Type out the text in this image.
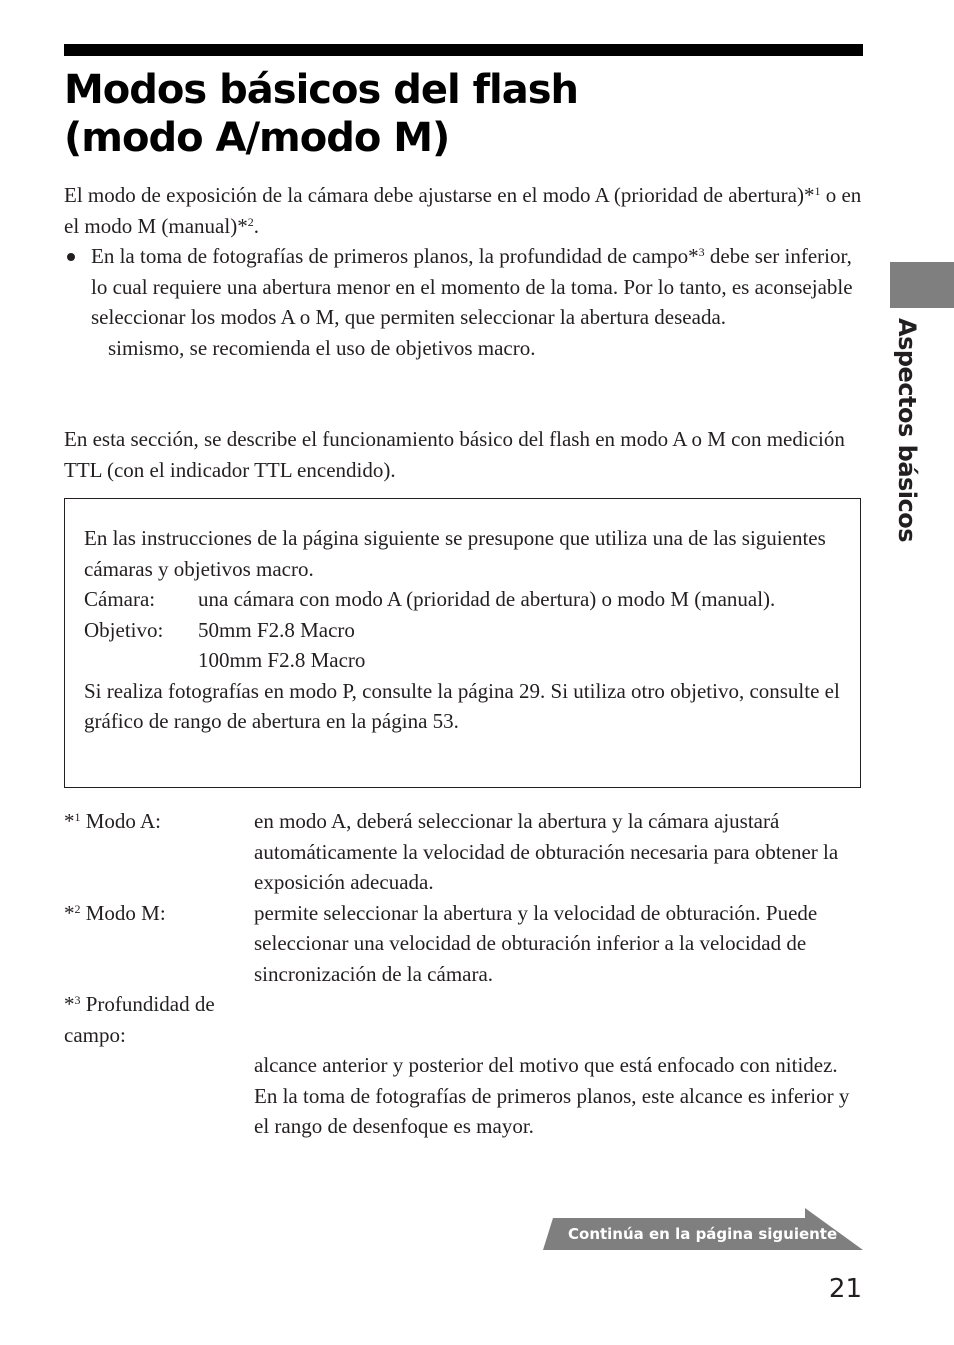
Modos básicos del flash
(modo A/modo M)

El modo de exposición de la cámara debe ajustarse en el modo A (prioridad de abertura)*$^1$ o en el modo M (manual)*$^2$.

En la toma de fotografías de primeros planos, la profundidad de campo*$^3$ debe ser inferior, lo cual requiere una abertura menor en el momento de la toma. Por lo tanto, es aconsejable seleccionar los modos A o M, que permiten seleccionar la abertura deseada.

simismo, se recomienda el uso de objetivos macro.

En esta sección, se describe el funcionamiento básico del flash en modo A o M con medición TTL (con el indicador TTL encendido).

En las instrucciones de la página siguiente se presupone que utiliza una de las siguientes cámaras y objetivos macro.

Cámara:	una cámara con modo A (prioridad de abertura) o modo M (manual).
Objetivo:	50mm F2.8 Macro
100mm F2.8 Macro

Si realiza fotografías en modo P, consulte la página 29. Si utiliza otro objetivo, consulte el gráfico de rango de abertura en la página 53.

*$^1$ Modo A:	en modo A, deberá seleccionar la abertura y la cámara ajustará automáticamente la velocidad de obturación necesaria para obtener la exposición adecuada.
*$^2$ Modo M:	permite seleccionar la abertura y la velocidad de obturación. Puede seleccionar una velocidad de obturación inferior a la velocidad de sincronización de la cámara.
*$^3$ Profundidad de campo:
alcance anterior y posterior del motivo que está enfocado con nitidez. En la toma de fotografías de primeros planos, este alcance es inferior y el rango de desenfoque es mayor.
Aspectos básicos
Continúa en la página siguiente
21
